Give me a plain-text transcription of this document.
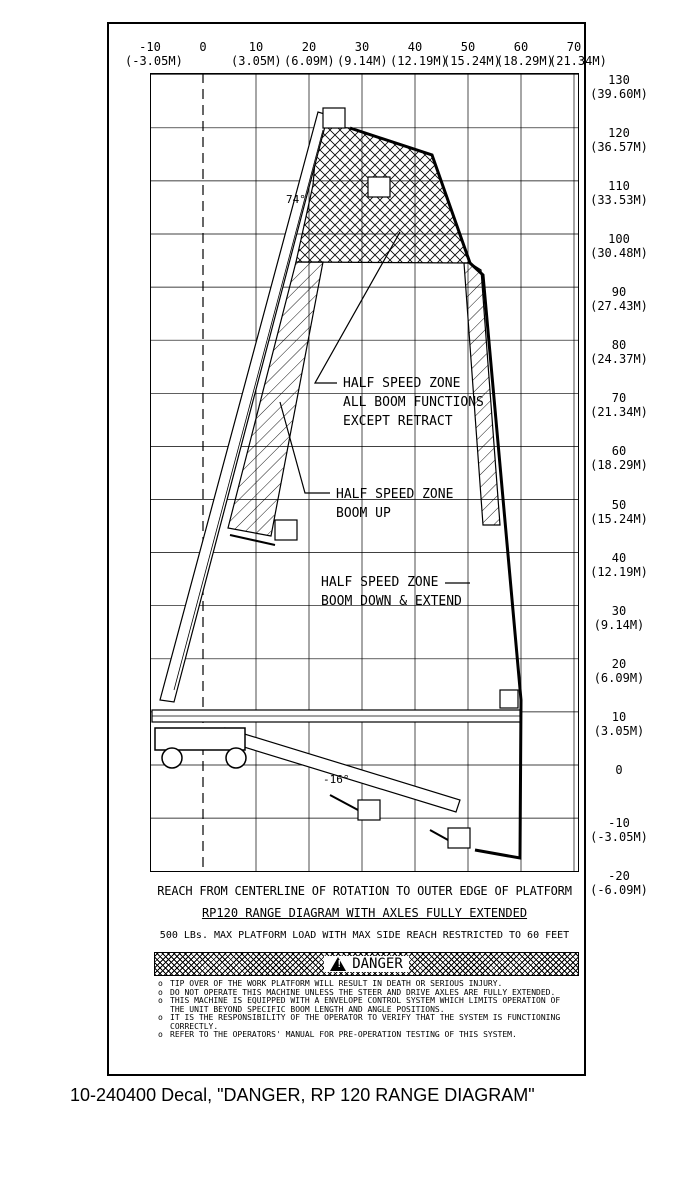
-10
(-3.05M)
0
	10
(3.05M)
20
(6.09M)
30
(9.14M)
40
(12.19M)
50
(15.24M)
60
(18.29M)
70
(21.34M)
130
(39.60M)
120
(36.57M)
110
(33.53M)
100
(30.48M)
90
(27.43M)
80
(24.37M)
70
(21.34M)
60
(18.29M)
50
(15.24M)
40
(12.19M)
30
(9.14M)
20
(6.09M)
10
(3.05M)
0
-10
(-3.05M)
-20
(-6.09M)
HALF SPEED ZONE
ALL BOOM FUNCTIONS
EXCEPT RETRACT
HALF SPEED ZONE
BOOM UP
HALF SPEED ZONE
BOOM DOWN & EXTEND
74°
-16°
REACH FROM CENTERLINE OF ROTATION TO OUTER EDGE OF PLATFORM
RP120 RANGE DIAGRAM WITH AXLES FULLY EXTENDED
500 LBs. MAX PLATFORM LOAD WITH MAX SIDE REACH RESTRICTED TO 60 FEET
!
DANGER
o TIP OVER OF THE WORK PLATFORM WILL RESULT IN DEATH OR SERIOUS INJURY.
o DO NOT OPERATE THIS MACHINE UNLESS THE STEER AND DRIVE AXLES ARE FULLY EXTENDED.
o THIS MACHINE IS EQUIPPED WITH A ENVELOPE CONTROL SYSTEM WHICH LIMITS OPERATION OF THE UNIT BEYOND SPECIFIC BOOM LENGTH AND ANGLE POSITIONS.
o IT IS THE RESPONSIBILITY OF THE OPERATOR TO VERIFY THAT THE SYSTEM IS FUNCTIONING CORRECTLY.
o REFER TO THE OPERATORS' MANUAL FOR PRE-OPERATION TESTING OF THIS SYSTEM.
10-240400 Decal, "DANGER, RP 120 RANGE DIAGRAM"
